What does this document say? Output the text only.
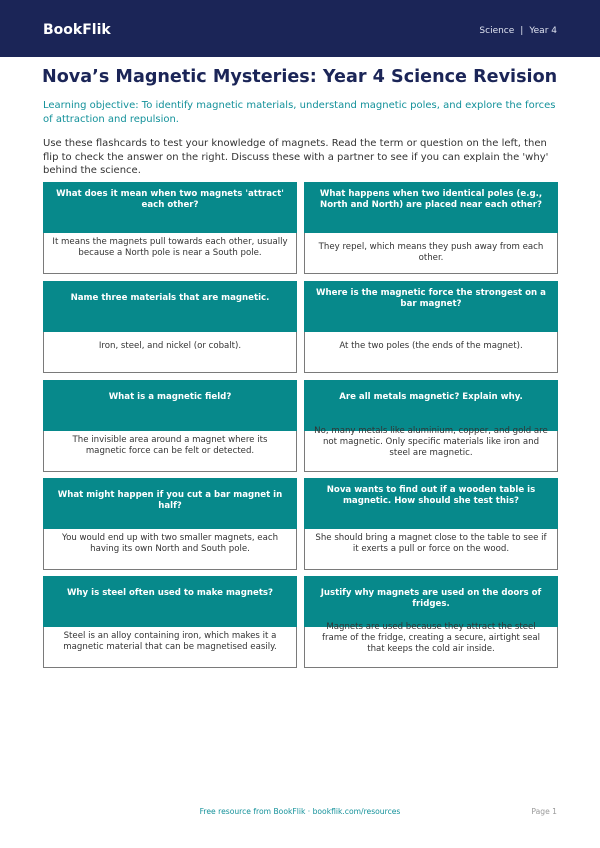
BookFlik	Science | Year 4
Nova’s Magnetic Mysteries: Year 4 Science Revision
Learning objective: To identify magnetic materials, understand magnetic poles, and explore the forces of attraction and repulsion.
Use these flashcards to test your knowledge of magnets. Read the term or question on the left, then flip to check the answer on the right. Discuss these with a partner to see if you can explain the 'why' behind the science.
What does it mean when two magnets 'attract' each other?
It means the magnets pull towards each other, usually because a North pole is near a South pole.
What happens when two identical poles (e.g., North and North) are placed near each other?
They repel, which means they push away from each other.
Name three materials that are magnetic.
Iron, steel, and nickel (or cobalt).
Where is the magnetic force the strongest on a bar magnet?
At the two poles (the ends of the magnet).
What is a magnetic field?
The invisible area around a magnet where its magnetic force can be felt or detected.
Are all metals magnetic? Explain why.
No, many metals like aluminium, copper, and gold are not magnetic. Only specific materials like iron and steel are magnetic.
What might happen if you cut a bar magnet in half?
You would end up with two smaller magnets, each having its own North and South pole.
Nova wants to find out if a wooden table is magnetic. How should she test this?
She should bring a magnet close to the table to see if it exerts a pull or force on the wood.
Why is steel often used to make magnets?
Steel is an alloy containing iron, which makes it a magnetic material that can be magnetised easily.
Justify why magnets are used on the doors of fridges.
Magnets are used because they attract the steel frame of the fridge, creating a secure, airtight seal that keeps the cold air inside.
Free resource from BookFlik · bookflik.com/resources	Page 1
